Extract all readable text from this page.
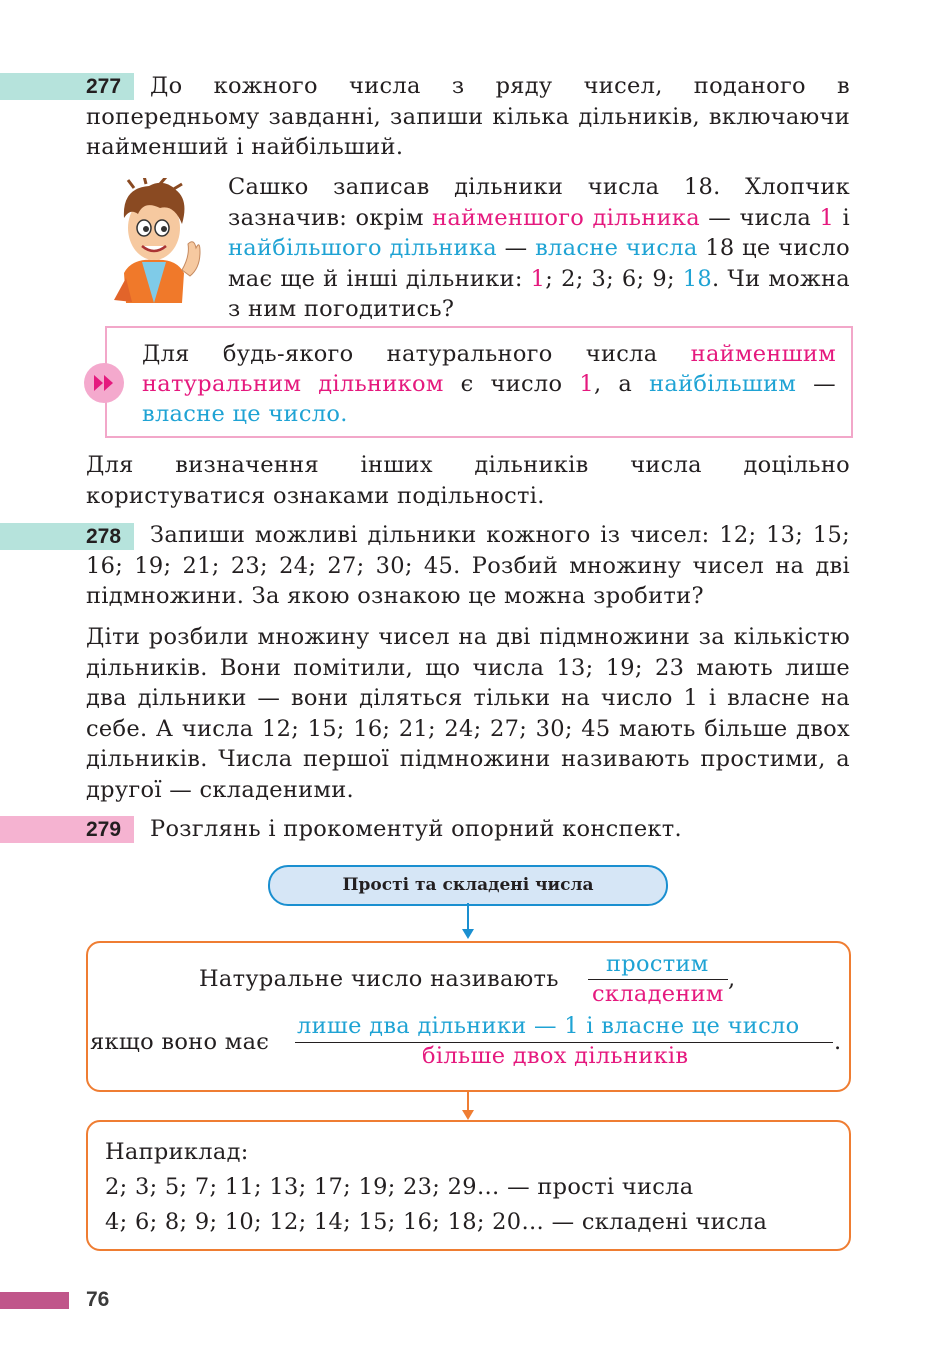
277	До кожного числа з ряду чисел, поданого в попередньому завданні, запиши кілька дільників, включаючи найменший і найбільший.
Сашко записав дільники числа 18. Хлопчик зазначив: окрім найменшого дільника — числа 1 і найбільшого дільника — власне числа 18 це число має ще й інші дільники: 1; 2; 3; 6; 9; 18. Чи можна з ним погодитись?
Для будь-якого натурального числа найменшим натуральним дільником є число 1, а найбільшим — власне це число.
Для визначення інших дільників числа доцільно користуватися ознаками подільності.
278	Запиши можливі дільники кожного із чисел: 12; 13; 15; 16; 19; 21; 23; 24; 27; 30; 45. Розбий множину чисел на дві підмножини. За якою ознакою це можна зробити?
Діти розбили множину чисел на дві підмножини за кількістю дільників. Вони помітили, що числа 13; 19; 23 мають лише два дільники — вони діляться тільки на число 1 і власне на себе. А числа 12; 15; 16; 21; 24; 27; 30; 45 мають більше двох дільників. Числа першої підмножини називають простими, а другої — складеними.
279	Розглянь і прокоментуй опорний конспект.
Прості та складені числа
Натуральне число називають
простим
складеним
,
якщо воно має
лише два дільники — 1 і власне це число
більше двох дільників
.
Наприклад:
2; 3; 5; 7; 11; 13; 17; 19; 23; 29… — прості числа
4; 6; 8; 9; 10; 12; 14; 15; 16; 18; 20… — складені числа
76
